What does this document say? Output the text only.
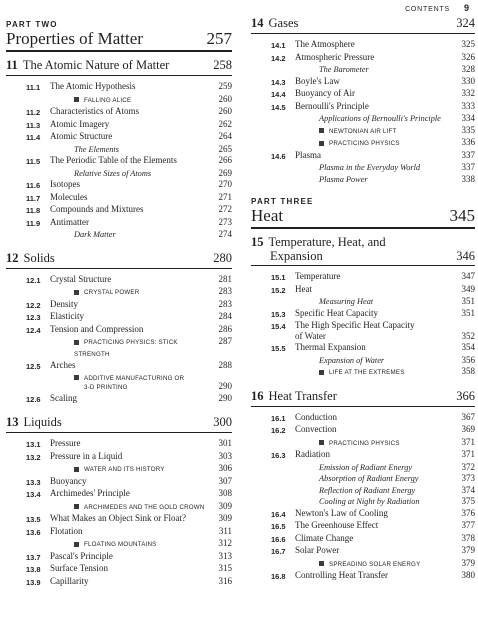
CONTENTS 9
PART TWO
Properties of Matter	257
11 The Atomic Nature of Matter	258
11.1	The Atomic Hypothesis	259
FALLING ALICE	260
11.2	Characteristics of Atoms	260
11.3	Atomic Imagery	262
11.4	Atomic Structure	264
The Elements	265
11.5	The Periodic Table of the Elements	266
Relative Sizes of Atoms	269
11.6	Isotopes	270
11.7	Molecules	271
11.8	Compounds and Mixtures	272
11.9	Antimatter	273
Dark Matter	274
12 Solids	280
12.1	Crystal Structure	281
CRYSTAL POWER	283
12.2	Density	283
12.3	Elasticity	284
12.4	Tension and Compression	286
PRACTICING PHYSICS: STICK STRENGTH
287
12.5	Arches	288
ADDITIVE MANUFACTURING OR
3-D PRINTING	290
12.6	Scaling	290
13 Liquids	300
13.1	Pressure	301
13.2	Pressure in a Liquid	303
WATER AND ITS HISTORY	306
13.3	Buoyancy	307
13.4	Archimedes' Principle	308
ARCHIMEDES AND THE GOLD CROWN	309
13.5	What Makes an Object Sink or Float?	309
13.6	Flotation	311
FLOATING MOUNTAINS	312
13.7	Pascal's Principle	313
13.8	Surface Tension	315
13.9	Capillarity	316
14 Gases	324
14.1	The Atmosphere	325
14.2	Atmospheric Pressure	326
The Barometer	328
14.3	Boyle's Law	330
14.4	Buoyancy of Air	332
14.5	Bernoulli's Principle	333
Applications of Bernoulli's Principle	334
NEWTONIAN AIR LIFT	335
PRACTICING PHYSICS	336
14.6	Plasma	337
Plasma in the Everyday World	337
Plasma Power	338
PART THREE
Heat	345
15 Temperature, Heat, and
Expansion	346
15.1	Temperature	347
15.2	Heat	349
Measuring Heat	351
15.3	Specific Heat Capacity	351
15.4	The High Specific Heat Capacity
of Water	352
15.5	Thermal Expansion	354
Expansion of Water	356
LIFE AT THE EXTREMES	358
16 Heat Transfer	366
16.1	Conduction	367
16.2	Convection	369
PRACTICING PHYSICS	371
16.3	Radiation	371
Emission of Radiant Energy	372
Absorption of Radiant Energy	373
Reflection of Radiant Energy	374
Cooling at Night by Radiation	375
16.4	Newton's Law of Cooling	376
16.5	The Greenhouse Effect	377
16.6	Climate Change	378
16.7	Solar Power	379
SPREADING SOLAR ENERGY	379
16.8	Controlling Heat Transfer	380
